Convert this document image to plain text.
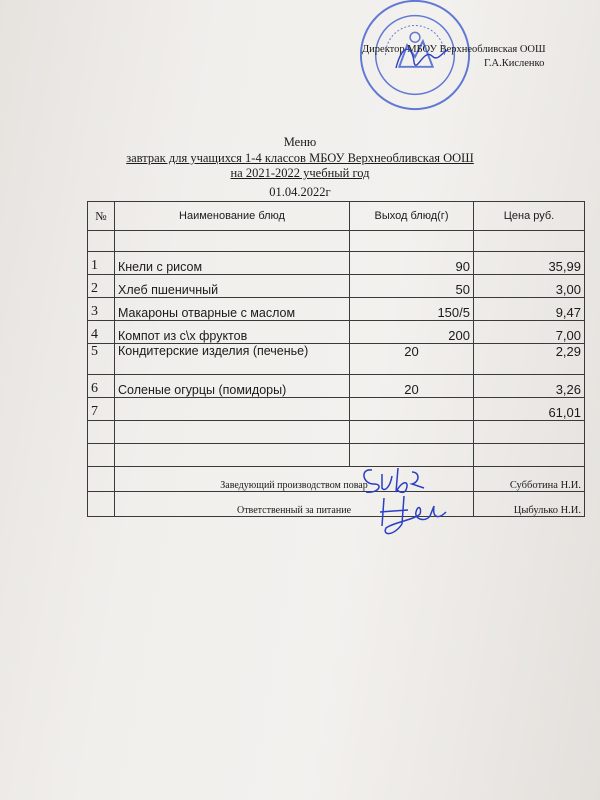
Директор МБОУ Верхнеобливская ООШ
Г.А.Кисленко
Меню
завтрак для учащихся 1-4 классов МБОУ Верхнеобливская ООШ
на 2021-2022 учебный год
01.04.2022г
№	Наименование блюд	Выход блюд(г)	Цена руб.

1	Кнели с рисом	90	35,99
2	Хлеб пшеничный	50	3,00
3	Макароны отварные с маслом	150/5	9,47
4	Компот из с\х фруктов	200	7,00
5	Кондитерские изделия (печенье)	20	2,29
6	Соленые огурцы (помидоры)	20	3,26
7			61,01

	Заведующий производством повар		Субботина Н.И.
	Ответственный за питание		Цыбулько Н.И.
